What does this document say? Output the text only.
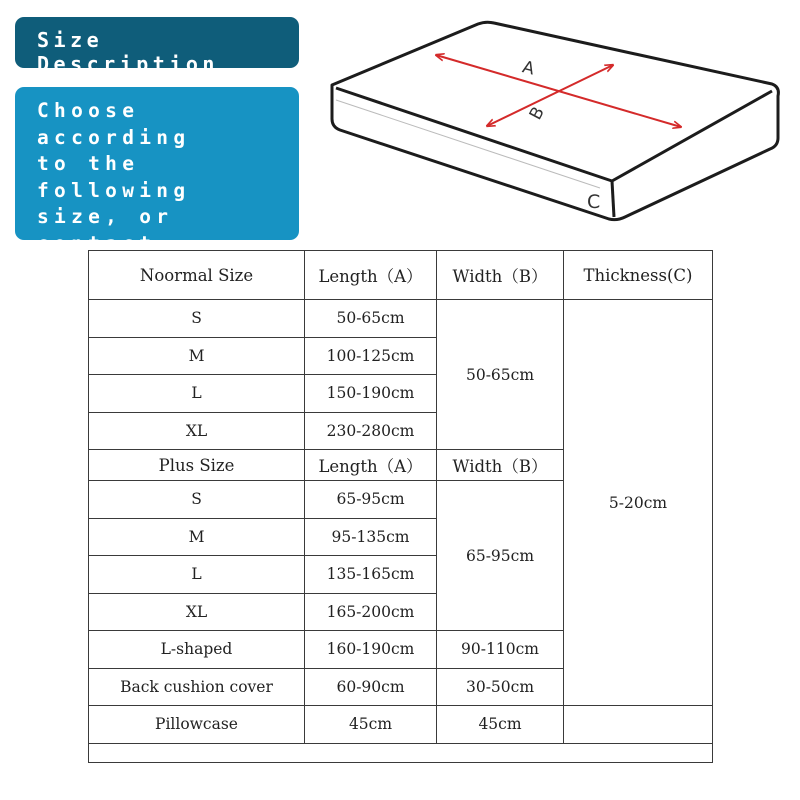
Size Description
Choose according
to the following
size, or contact
customer service
directly.
A
B
C
Noormal Size	Length（A）	Width（B）	Thickness(C)
S	50-65cm	50-65cm	5-20cm
M	100-125cm		
L	150-190cm		
XL	230-280cm		
Plus Size	Length（A）	Width（B）	
S	65-95cm	65-95cm	
M	95-135cm		
L	135-165cm		
XL	165-200cm		
L-shaped	160-190cm	90-110cm	
Back cushion cover	60-90cm	30-50cm	
Pillowcase	45cm	45cm	
